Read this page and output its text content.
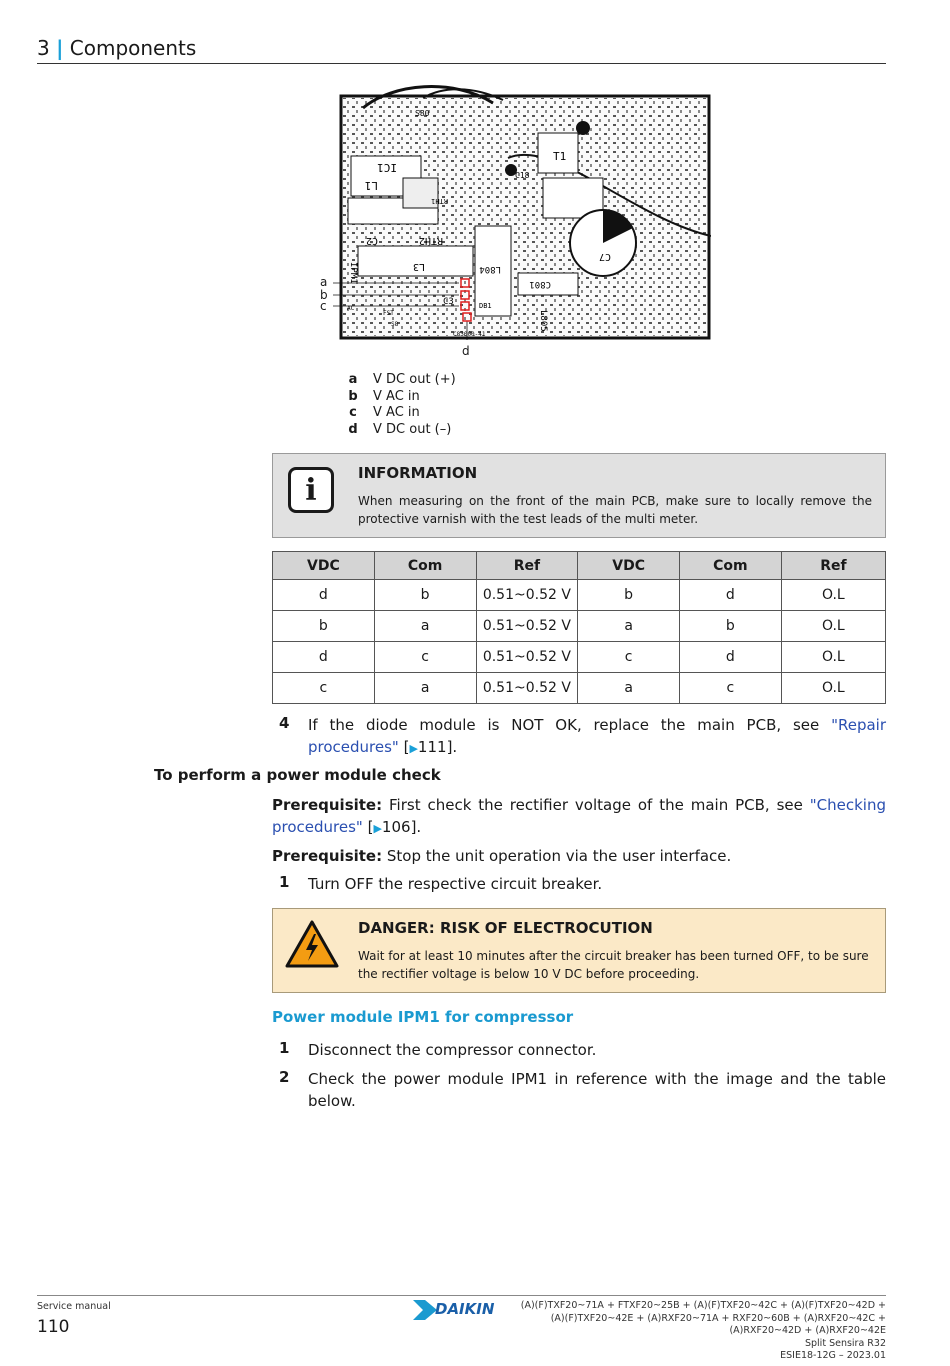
3 | Components
IC1
L1
C2	RTH2
IPM1	L3
C3
C7
T1
L804
C801
L805
S80
C18
DB1
RTH1
C83000-41
AC
FST
S8
a
b
c
d
a V DC out (+)
b V AC in
c V AC in
d V DC out (–)
i	INFORMATION
When measuring on the front of the main PCB, make sure to locally remove the protective varnish with the test leads of the multi meter.
VDC	Com	Ref	VDC	Com	Ref
d	b	0.51~0.52 V	b	d	O.L
b	a	0.51~0.52 V	a	b	O.L
d	c	0.51~0.52 V	c	d	O.L
c	a	0.51~0.52 V	a	c	O.L
4 If the diode module is NOT OK, replace the main PCB, see "Repair procedures" [▶111].
To perform a power module check
Prerequisite: First check the rectifier voltage of the main PCB, see "Checking procedures" [▶106].
Prerequisite: Stop the unit operation via the user interface.
1 Turn OFF the respective circuit breaker.
DANGER: RISK OF ELECTROCUTION
Wait for at least 10 minutes after the circuit breaker has been turned OFF, to be sure the rectifier voltage is below 10 V DC before proceeding.
Power module IPM1 for compressor
1 Disconnect the compressor connector.
2 Check the power module IPM1 in reference with the image and the table below.
Service manual
110
DAIKIN	(A)(F)TXF20~71A + FTXF20~25B + (A)(F)TXF20~42C + (A)(F)TXF20~42D +
(A)(F)TXF20~42E + (A)RXF20~71A + RXF20~60B + (A)RXF20~42C +
(A)RXF20~42D + (A)RXF20~42E
Split Sensira R32
ESIE18-12G – 2023.01
